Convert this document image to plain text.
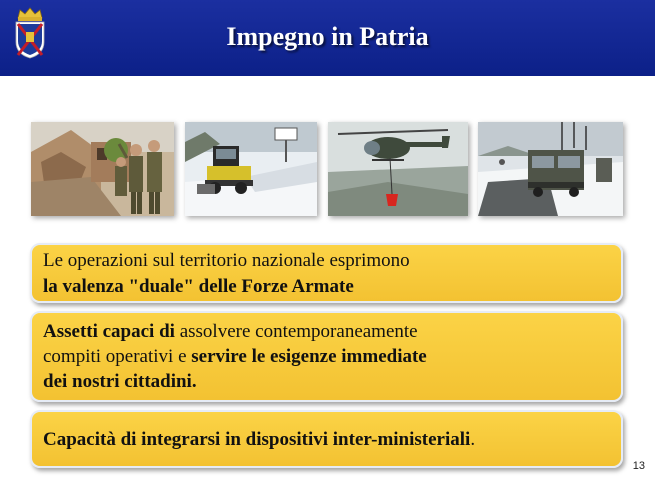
Impegno in Patria
Le operazioni sul territorio nazionale esprimono
la valenza "duale" delle Forze Armate
Assetti capaci di assolvere contemporaneamente
compiti operativi e servire le esigenze immediate
dei nostri cittadini.
Capacità di integrarsi in dispositivi inter-ministeriali.
13
